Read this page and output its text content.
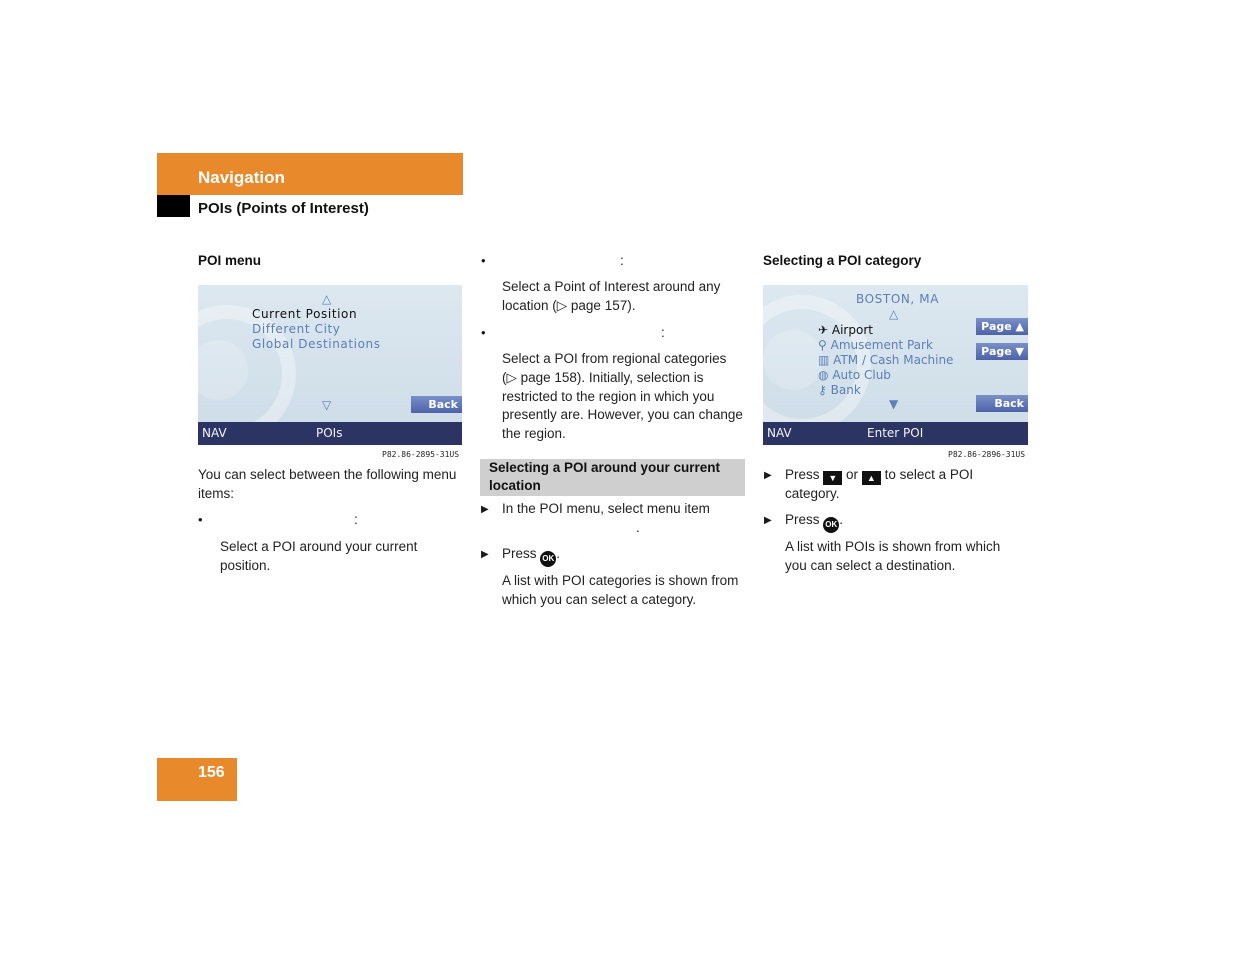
Navigation
POIs (Points of Interest)
POI menu
△
Current Position
Different City
Global Destinations
▽	Back
NAV	POIs
P82.86-2895-31US
You can select between the following menu items:
•	:
Select a POI around your current position.
•	:
Select a Point of Interest around any location (▷ page 157).
•	:
Select a POI from regional categories (▷ page 158). Initially, selection is restricted to the region in which you presently are. However, you can change the region.
Selecting a POI around your current location
▶ In the POI menu, select menu item
.
▶ Press OK .
A list with POI categories is shown from which you can select a category.
Selecting a POI category
BOSTON, MA
△
✈ Airport
⚲ Amusement Park
▥ ATM / Cash Machine
◍ Auto Club
⚷ Bank
▼
Page ▲
Page ▼
Back
NAV	Enter POI
P82.86-2896-31US
▶ Press ▼ or ▲ to select a POI category.
▶ Press OK .
A list with POIs is shown from which you can select a destination.
156
